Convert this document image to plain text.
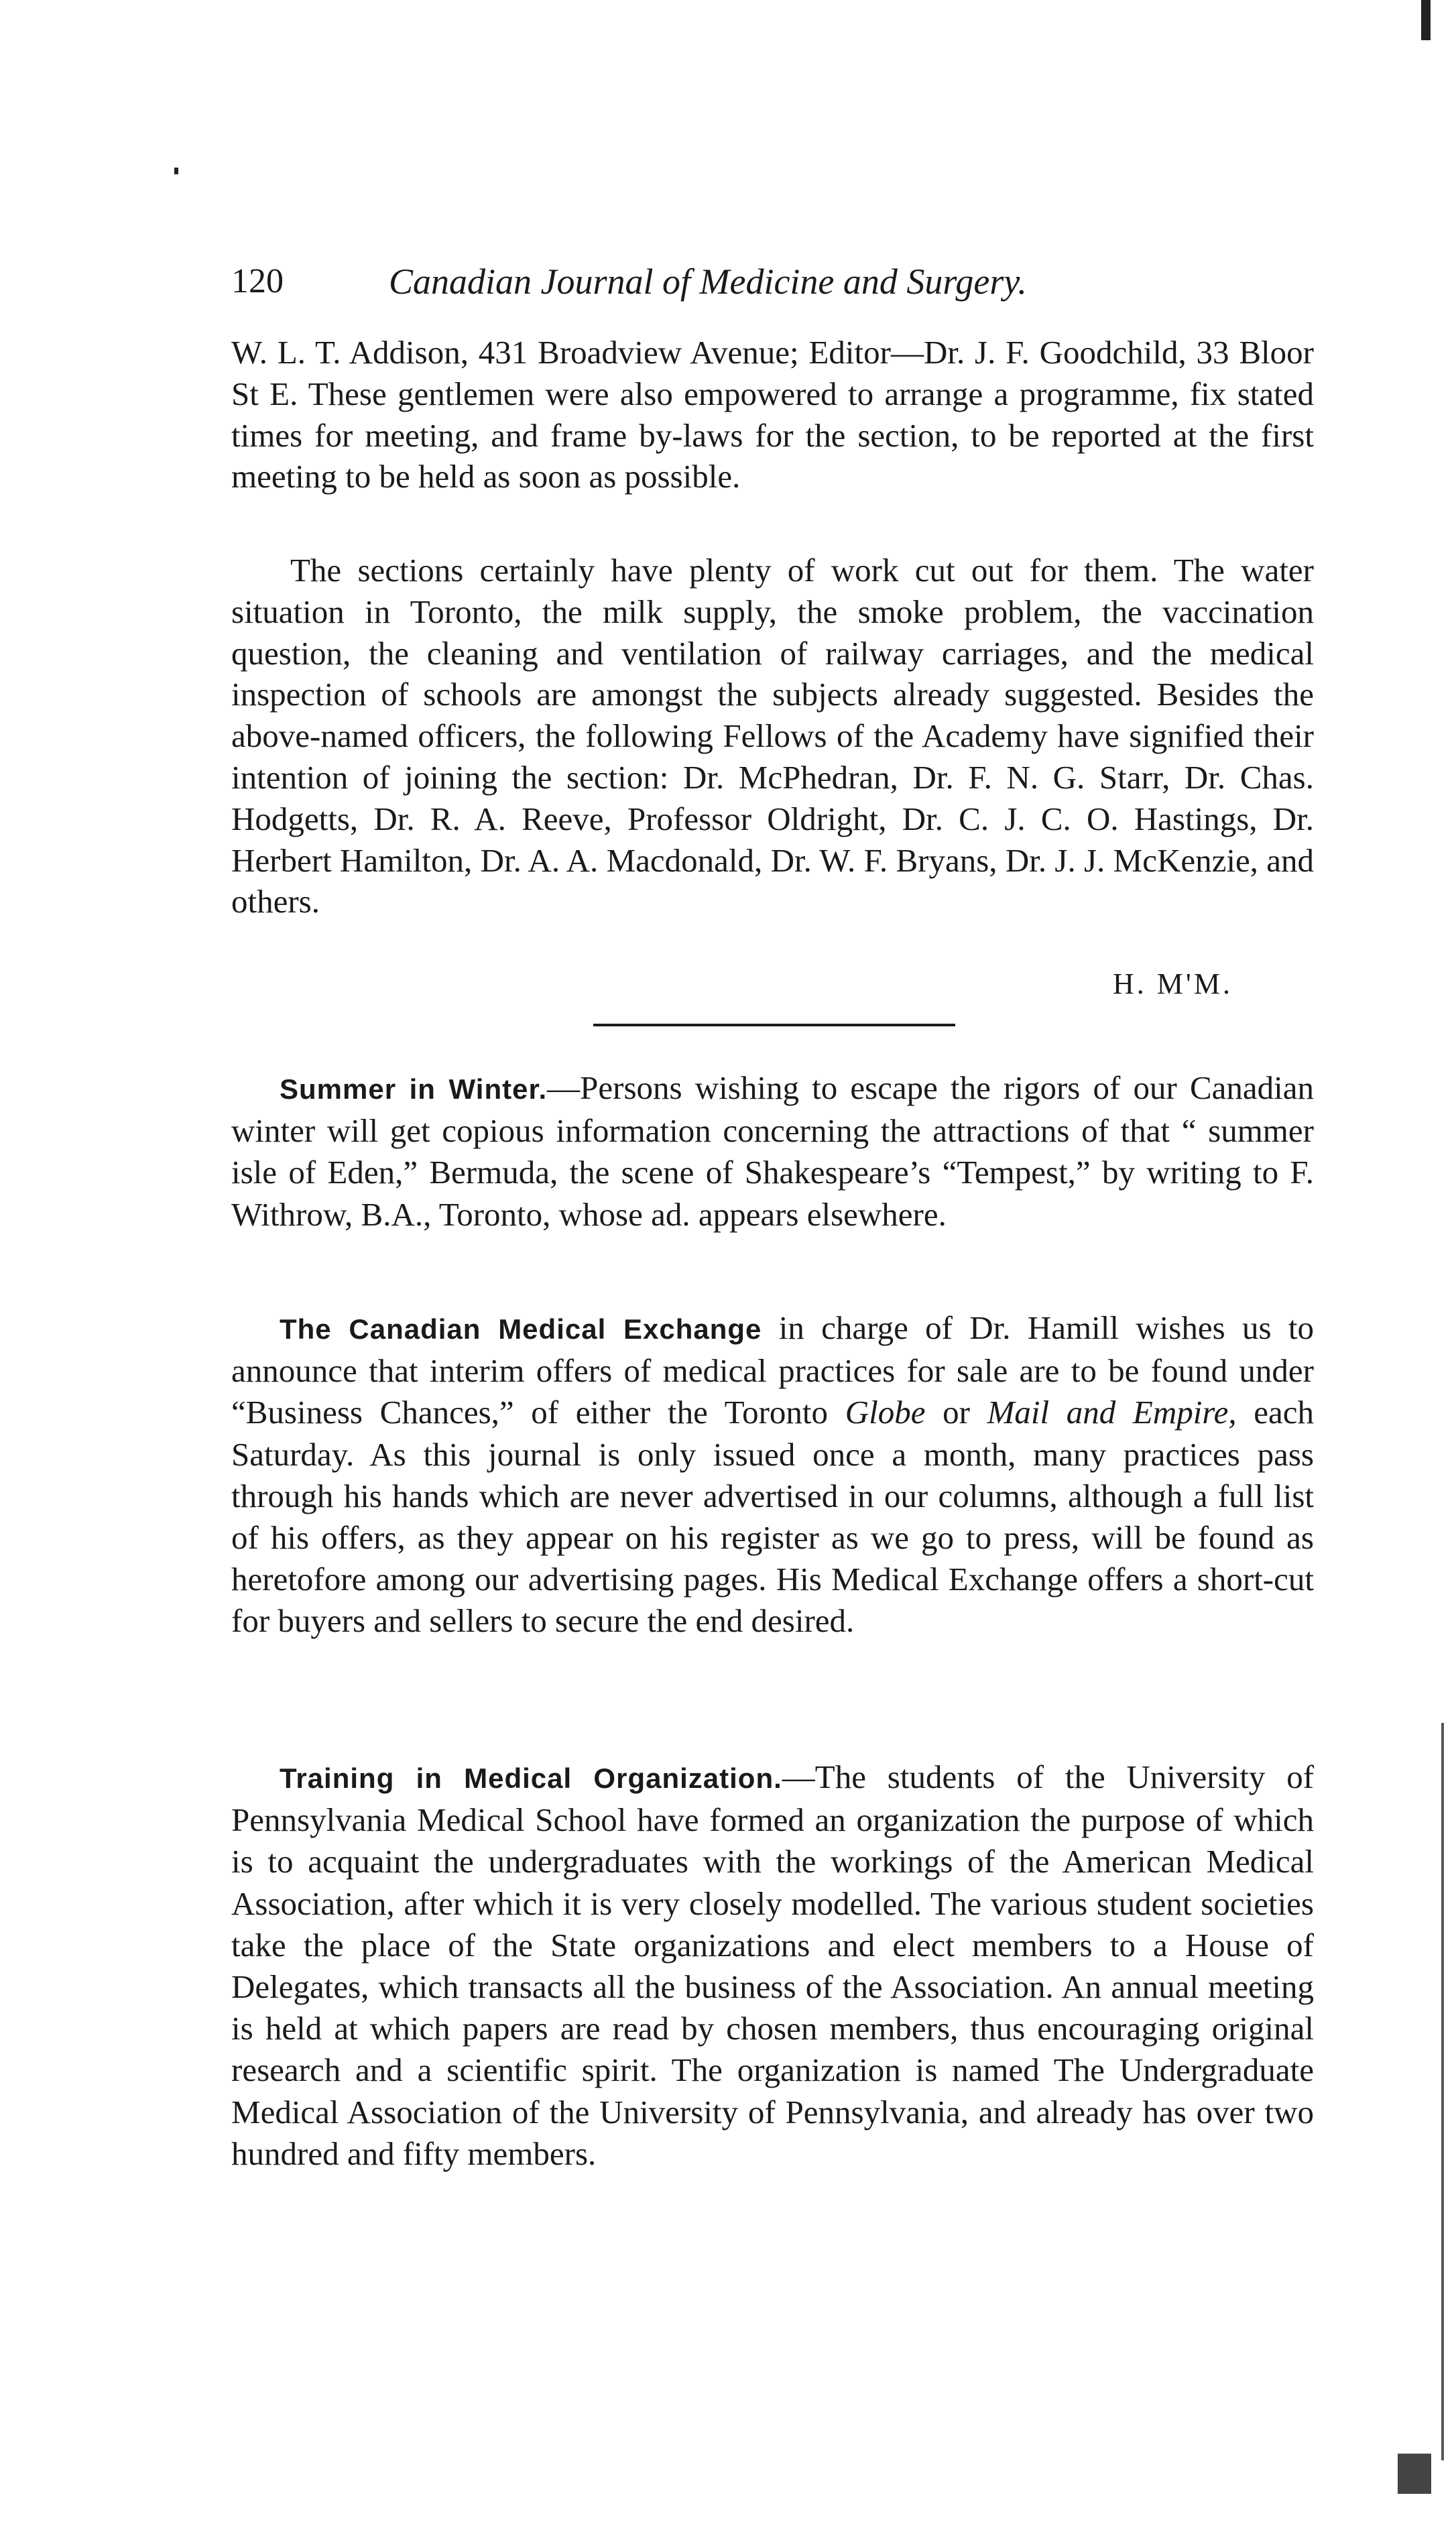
120	Canadian Journal of Medicine and Surgery.

W. L. T. Addison, 431 Broadview Avenue; Editor—Dr. J. F. Goodchild, 33 Bloor St E. These gentlemen were also empowered to arrange a programme, fix stated times for meeting, and frame by-laws for the section, to be reported at the first meeting to be held as soon as possible.

The sections certainly have plenty of work cut out for them. The water situation in Toronto, the milk supply, the smoke problem, the vaccination question, the cleaning and ventilation of railway carriages, and the medical inspection of schools are amongst the subjects already suggested. Besides the above-named officers, the following Fellows of the Academy have signified their intention of joining the section: Dr. McPhedran, Dr. F. N. G. Starr, Dr. Chas. Hodgetts, Dr. R. A. Reeve, Professor Oldright, Dr. C. J. C. O. Hastings, Dr. Herbert Hamilton, Dr. A. A. Macdonald, Dr. W. F. Bryans, Dr. J. J. McKenzie, and others.

H. M'M.

Summer in Winter.—Persons wishing to escape the rigors of our Canadian winter will get copious information concerning the attractions of that “ summer isle of Eden,” Bermuda, the scene of Shakespeare’s “Tempest,” by writing to F. Withrow, B.A., Toronto, whose ad. appears elsewhere.

The Canadian Medical Exchange in charge of Dr. Hamill wishes us to announce that interim offers of medical practices for sale are to be found under “Business Chances,” of either the Toronto Globe or Mail and Empire, each Saturday. As this journal is only issued once a month, many practices pass through his hands which are never advertised in our columns, although a full list of his offers, as they appear on his register as we go to press, will be found as heretofore among our advertising pages. His Medical Exchange offers a short-cut for buyers and sellers to secure the end desired.

Training in Medical Organization.—The students of the University of Pennsylvania Medical School have formed an organization the purpose of which is to acquaint the undergraduates with the workings of the American Medical Association, after which it is very closely modelled. The various student societies take the place of the State organizations and elect members to a House of Delegates, which transacts all the business of the Association. An annual meeting is held at which papers are read by chosen members, thus encouraging original research and a scientific spirit. The organization is named The Undergraduate Medical Association of the University of Pennsylvania, and already has over two hundred and fifty members.
